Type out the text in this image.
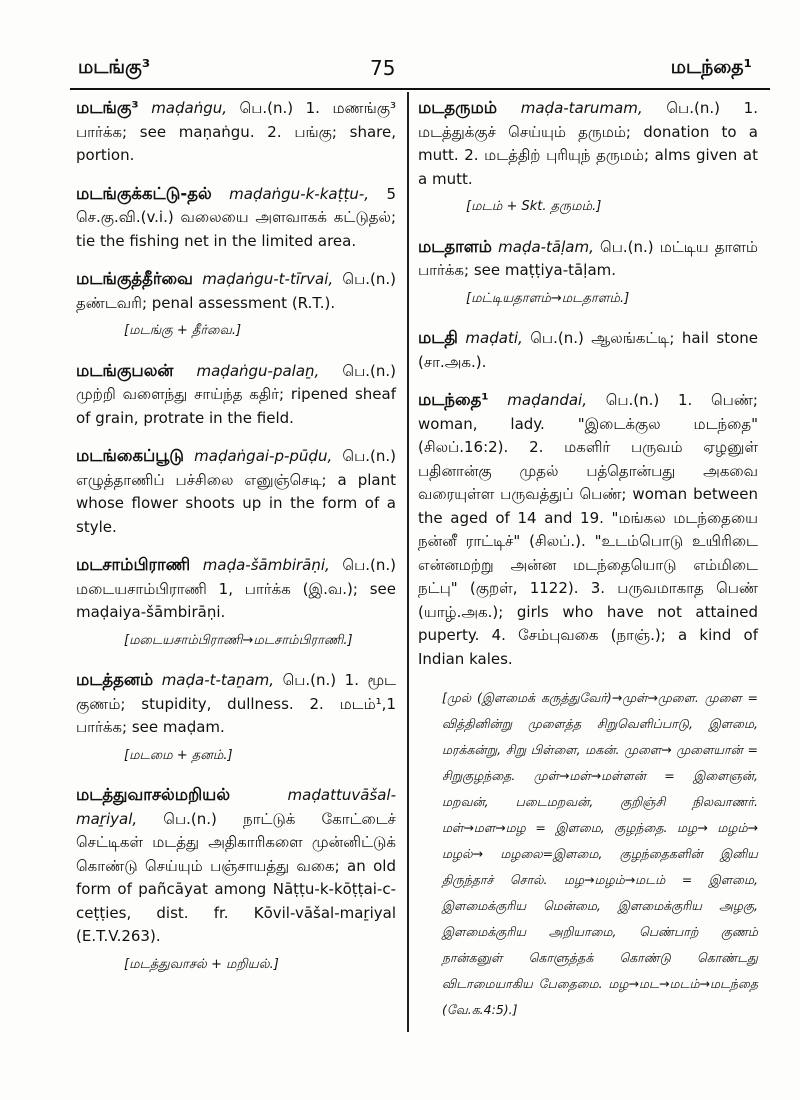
மடங்கு³	75	மடந்தை¹
மடங்கு³ maḍaṅgu, பெ.(n.) 1. மணங்கு³ பார்க்க; see maṇaṅgu. 2. பங்கு; share, portion.
மடங்குக்கட்டு-தல் maḍaṅgu-k-kaṭṭu-, 5 செ.கு.வி.(v.i.) வலையை அளவாகக் கட்டுதல்; tie the fishing net in the limited area.
மடங்குத்தீர்வை maḍaṅgu-t-tīrvai, பெ.(n.) தண்டவரி; penal assessment (R.T.).
[மடங்கு + தீர்வை.]
மடங்குபலன் maḍaṅgu-palaṉ, பெ.(n.) முற்றி வளைந்து சாய்ந்த கதிர்; ripened sheaf of grain, protrate in the field.
மடங்கைப்பூடு maḍaṅgai-p-pūḍu, பெ.(n.) எழுத்தாணிப் பச்சிலை எனுஞ்செடி; a plant whose flower shoots up in the form of a style.
மடசாம்பிராணி maḍa-šāmbirāṇi, பெ.(n.) மடையசாம்பிராணி 1, பார்க்க (இ.வ.); see maḍaiya-šāmbirāṇi.
[மடையசாம்பிராணி→மடசாம்பிராணி.]
மடத்தனம் maḍa-t-taṉam, பெ.(n.) 1. மூட குணம்; stupidity, dullness. 2. மடம்¹,1 பார்க்க; see maḍam.
[மடமை + தனம்.]
மடத்துவாசல்மறியல்	maḍattuvāšal-maṟiyal, பெ.(n.) நாட்டுக் கோட்டைச் செட்டிகள் மடத்து அதிகாரிகளை முன்னிட்டுக் கொண்டு செய்யும் பஞ்சாயத்து வகை; an old form of pañcāyat among Nāṭṭu-k-kōṭṭai-c-ceṭṭies, dist. fr. Kōvil-vāšal-maṟiyal (E.T.V.263).
[மடத்துவாசல் + மறியல்.]
மடதருமம் maḍa-tarumam, பெ.(n.) 1. மடத்துக்குச் செய்யும் தருமம்; donation to a mutt. 2. மடத்திற் புரியுந் தருமம்; alms given at a mutt.
[மடம் + Skt. தருமம்.]
மடதாளம் maḍa-tāḷam, பெ.(n.) மட்டிய தாளம் பார்க்க; see maṭṭiya-tāḷam.
[மட்டியதாளம்→மடதாளம்.]
மடதி maḍati, பெ.(n.) ஆலங்கட்டி; hail stone (சா.அக.).
மடந்தை¹ maḍandai, பெ.(n.) 1. பெண்; woman, lady. "இடைக்குல மடந்தை" (சிலப்.16:2). 2. மகளிர் பருவம் ஏழனுள் பதினான்கு முதல் பத்தொன்பது அகவை வரையுள்ள பருவத்துப் பெண்; woman between the aged of 14 and 19. "மங்கல மடந்தையை நன்னீ ராட்டிச்" (சிலப்.). "உடம்பொடு உயிரிடை என்னமற்று அன்ன மடந்தையொடு எம்மிடை நட்பு" (குறள், 1122). 3. பருவமாகாத பெண் (யாழ்.அக.); girls who have not attained puperty. 4. சேம்புவகை (நாஞ்.); a kind of Indian kales.
[முல் (இளமைக் கருத்துவேர்)→முள்→முளை. முளை = வித்தினின்று முளைத்த சிறுவெளிப்பாடு, இளமை, மரக்கன்று, சிறு பிள்ளை, மகன். முளை→ முளையான் = சிறுகுழந்தை. முள்→மள்→மள்ளன் = இளைஞன், மறவன், படைமறவன், குறிஞ்சி நிலவாணர். மள்→மள→மழ = இளமை, குழந்தை. மழ→ மழம்→ மழல்→ மழலை=இளமை, குழந்தைகளின் இனிய திருந்தாச் சொல். மழ→மழம்→மடம் = இளமை, இளமைக்குரிய மென்மை, இளமைக்குரிய அழகு, இளமைக்குரிய அறியாமை, பெண்பாற் குணம் நான்கனுள் கொளுத்தக் கொண்டு கொண்டது விடாமையாகிய பேதைமை. மழ→மட→மடம்→மடந்தை (வே.க.4:5).]
